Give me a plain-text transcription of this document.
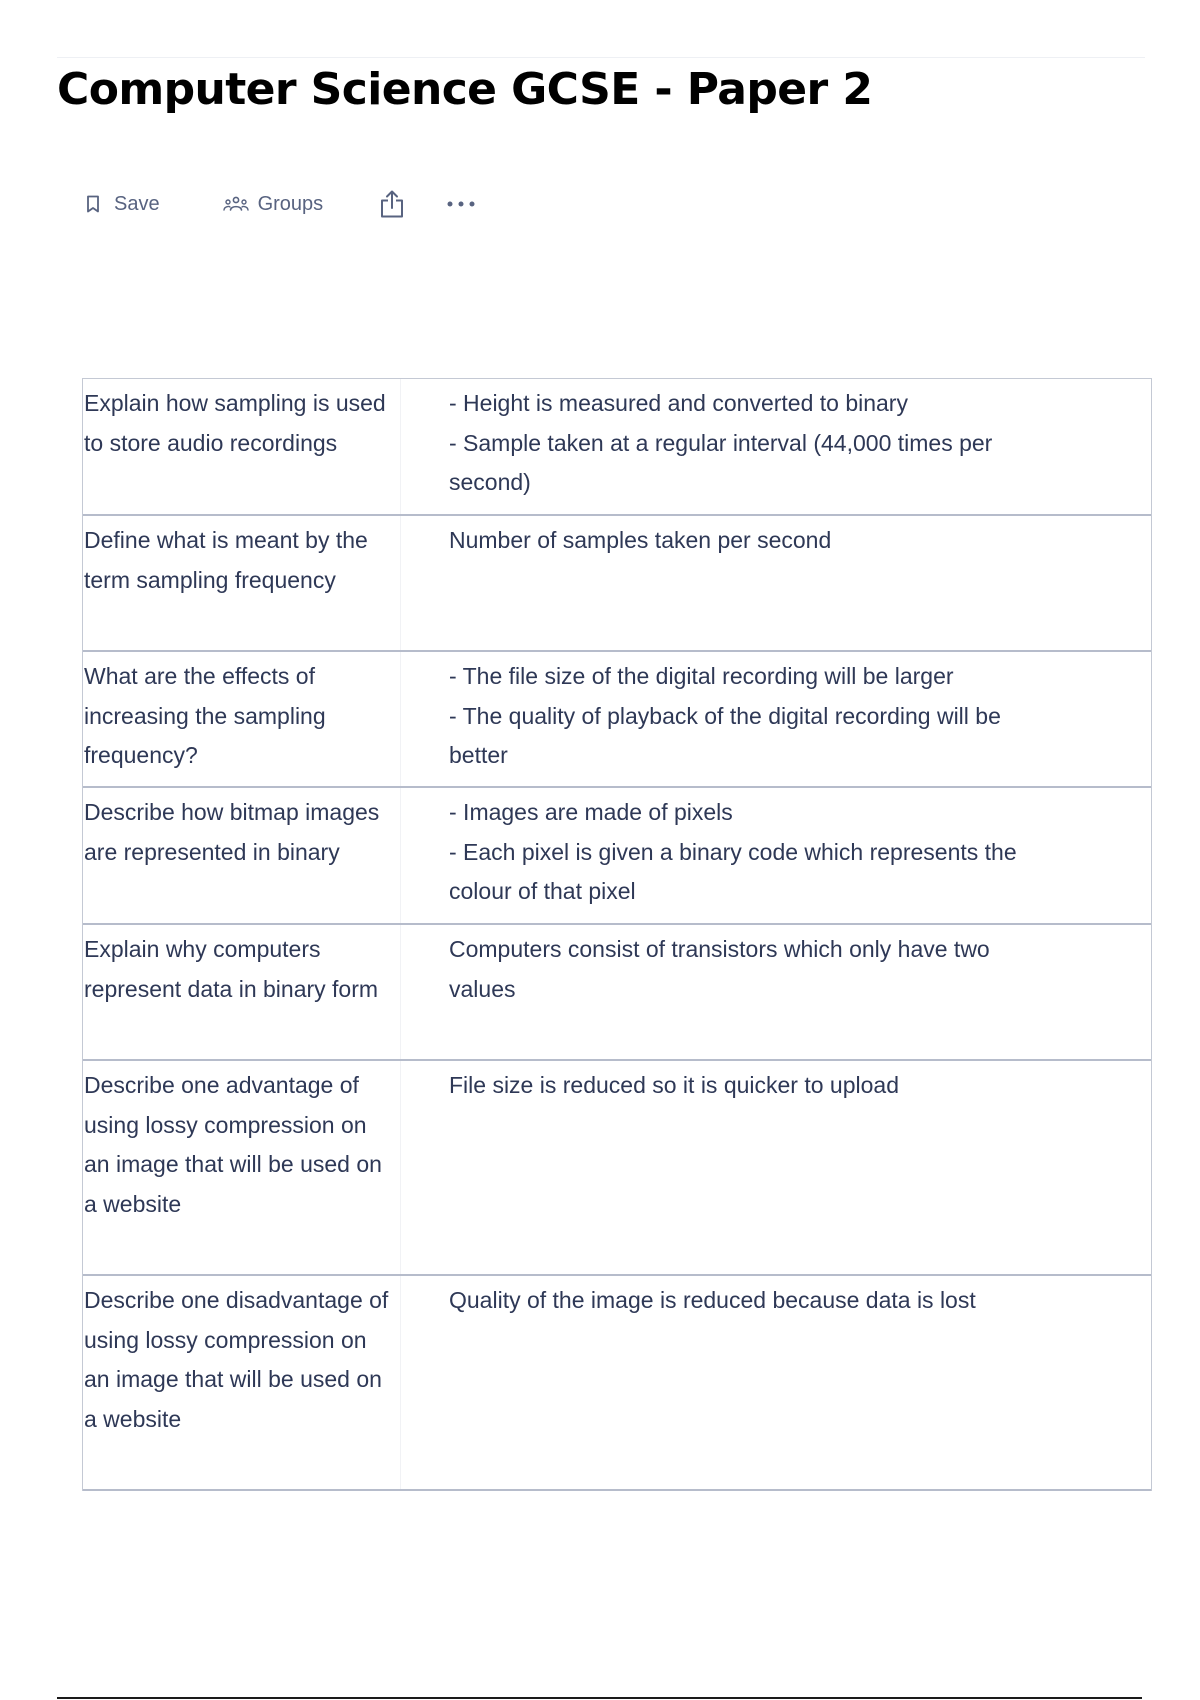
Computer Science GCSE - Paper 2
Save	Groups
Explain how sampling is used to store audio recordings
- Height is measured and converted to binary
- Sample taken at a regular interval (44,000 times per second)
Define what is meant by the term sampling frequency
Number of samples taken per second
What are the effects of increasing the sampling frequency?
- The file size of the digital recording will be larger
- The quality of playback of the digital recording will be better
Describe how bitmap images are represented in binary
- Images are made of pixels
- Each pixel is given a binary code which represents the colour of that pixel
Explain why computers represent data in binary form
Computers consist of transistors which only have two values
Describe one advantage of using lossy compression on an image that will be used on a website
File size is reduced so it is quicker to upload
Describe one disadvantage of using lossy compression on an image that will be used on a website
Quality of the image is reduced because data is lost
